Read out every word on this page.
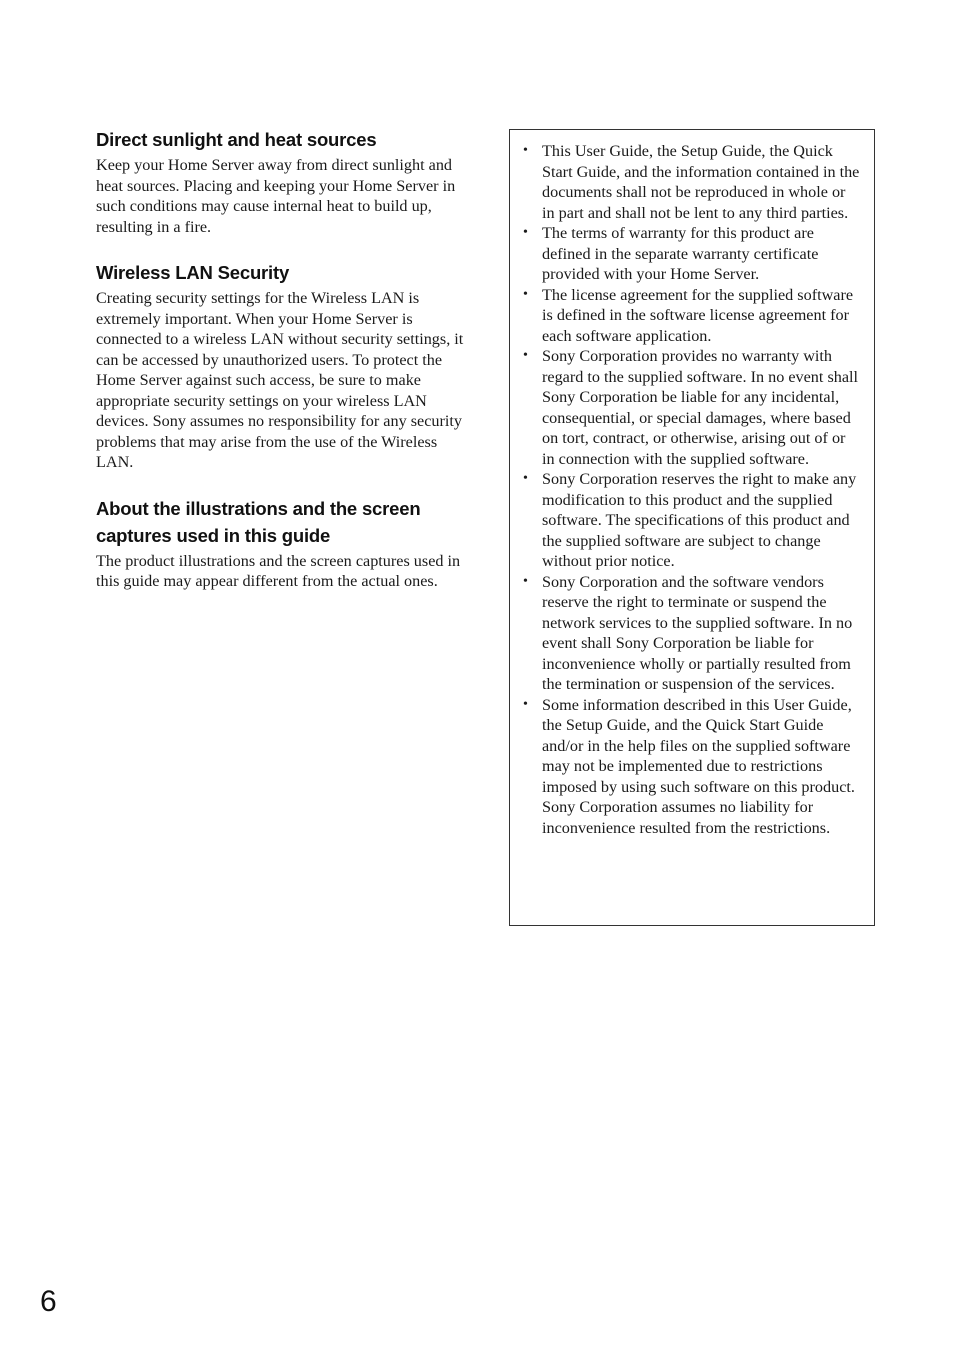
Direct sunlight and heat sources

Keep your Home Server away from direct sunlight and heat sources. Placing and keeping your Home Server in such conditions may cause internal heat to build up, resulting in a fire.

Wireless LAN Security

Creating security settings for the Wireless LAN is extremely important. When your Home Server is connected to a wireless LAN without security settings, it can be accessed by unauthorized users. To protect the Home Server against such access, be sure to make appropriate security settings on your wireless LAN devices. Sony assumes no responsibility for any security problems that may arise from the use of the Wireless LAN.

About the illustrations and the screen captures used in this guide

The product illustrations and the screen captures used in this guide may appear different from the actual ones.

• This User Guide, the Setup Guide, the Quick Start Guide, and the information contained in the documents shall not be reproduced in whole or in part and shall not be lent to any third parties.
• The terms of warranty for this product are defined in the separate warranty certificate provided with your Home Server.
• The license agreement for the supplied software is defined in the software license agreement for each software application.
• Sony Corporation provides no warranty with regard to the supplied software. In no event shall Sony Corporation be liable for any incidental, consequential, or special damages, where based on tort, contract, or otherwise, arising out of or in connection with the supplied software.
• Sony Corporation reserves the right to make any modification to this product and the supplied software. The specifications of this product and the supplied software are subject to change without prior notice.
• Sony Corporation and the software vendors reserve the right to terminate or suspend the network services to the supplied software. In no event shall Sony Corporation be liable for inconvenience wholly or partially resulted from the termination or suspension of the services.
• Some information described in this User Guide, the Setup Guide, and the Quick Start Guide and/or in the help files on the supplied software may not be implemented due to restrictions imposed by using such software on this product. Sony Corporation assumes no liability for inconvenience resulted from the restrictions.
6
